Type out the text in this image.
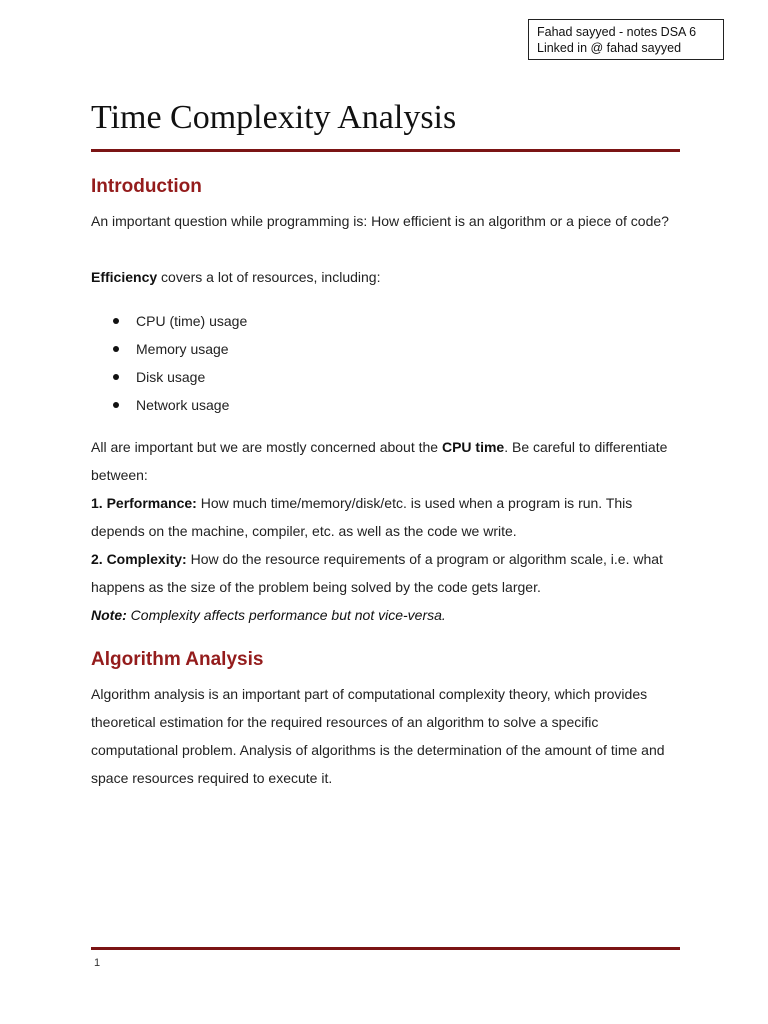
Fahad sayyed - notes DSA 6
Linked in @ fahad sayyed
Time Complexity Analysis
Introduction

An important question while programming is: How efficient is an algorithm or a piece of code?

Efficiency covers a lot of resources, including:

CPU (time) usage
Memory usage
Disk usage
Network usage

All are important but we are mostly concerned about the CPU time. Be careful to differentiate between:

1. Performance: How much time/memory/disk/etc. is used when a program is run. This depends on the machine, compiler, etc. as well as the code we write.

2. Complexity: How do the resource requirements of a program or algorithm scale, i.e. what happens as the size of the problem being solved by the code gets larger.

Note: Complexity affects performance but not vice-versa.

Algorithm Analysis

Algorithm analysis is an important part of computational complexity theory, which provides theoretical estimation for the required resources of an algorithm to solve a specific computational problem. Analysis of algorithms is the determination of the amount of time and space resources required to execute it.

1
